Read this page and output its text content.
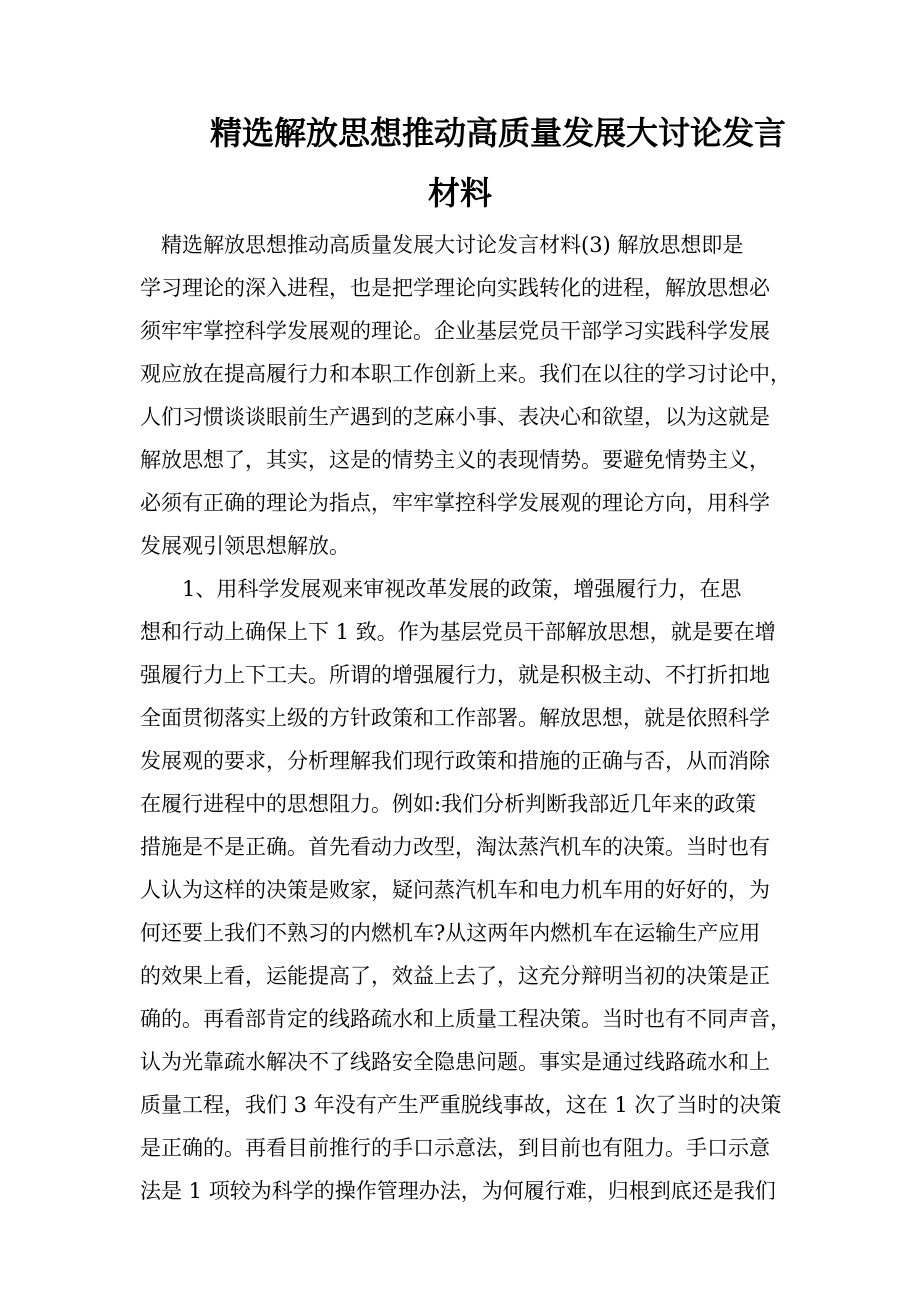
精选解放思想推动高质量发展大讨论发言
材料

　精选解放思想推动高质量发展大讨论发言材料(3) 解放思想即是

学习理论的深入进程，也是把学理论向实践转化的进程，解放思想必

须牢牢掌控科学发展观的理论。企业基层党员干部学习实践科学发展

观应放在提高履行力和本职工作创新上来。我们在以往的学习讨论中，

人们习惯谈谈眼前生产遇到的芝麻小事、表决心和欲望，以为这就是

解放思想了，其实，这是的情势主义的表现情势。要避免情势主义，

必须有正确的理论为指点，牢牢掌控科学发展观的理论方向，用科学

发展观引领思想解放。

　　1、用科学发展观来审视改革发展的政策，增强履行力，在思

想和行动上确保上下 1 致。作为基层党员干部解放思想，就是要在增

强履行力上下工夫。所谓的增强履行力，就是积极主动、不打折扣地

全面贯彻落实上级的方针政策和工作部署。解放思想，就是依照科学

发展观的要求，分析理解我们现行政策和措施的正确与否，从而消除

在履行进程中的思想阻力。例如:我们分析判断我部近几年来的政策

措施是不是正确。首先看动力改型，淘汰蒸汽机车的决策。当时也有

人认为这样的决策是败家，疑问蒸汽机车和电力机车用的好好的，为

何还要上我们不熟习的内燃机车?从这两年内燃机车在运输生产应用

的效果上看，运能提高了，效益上去了，这充分辩明当初的决策是正

确的。再看部肯定的线路疏水和上质量工程决策。当时也有不同声音，

认为光靠疏水解决不了线路安全隐患问题。事实是通过线路疏水和上

质量工程，我们 3 年没有产生严重脱线事故，这在 1 次了当时的决策

是正确的。再看目前推行的手口示意法，到目前也有阻力。手口示意

法是 1 项较为科学的操作管理办法，为何履行难，归根到底还是我们
